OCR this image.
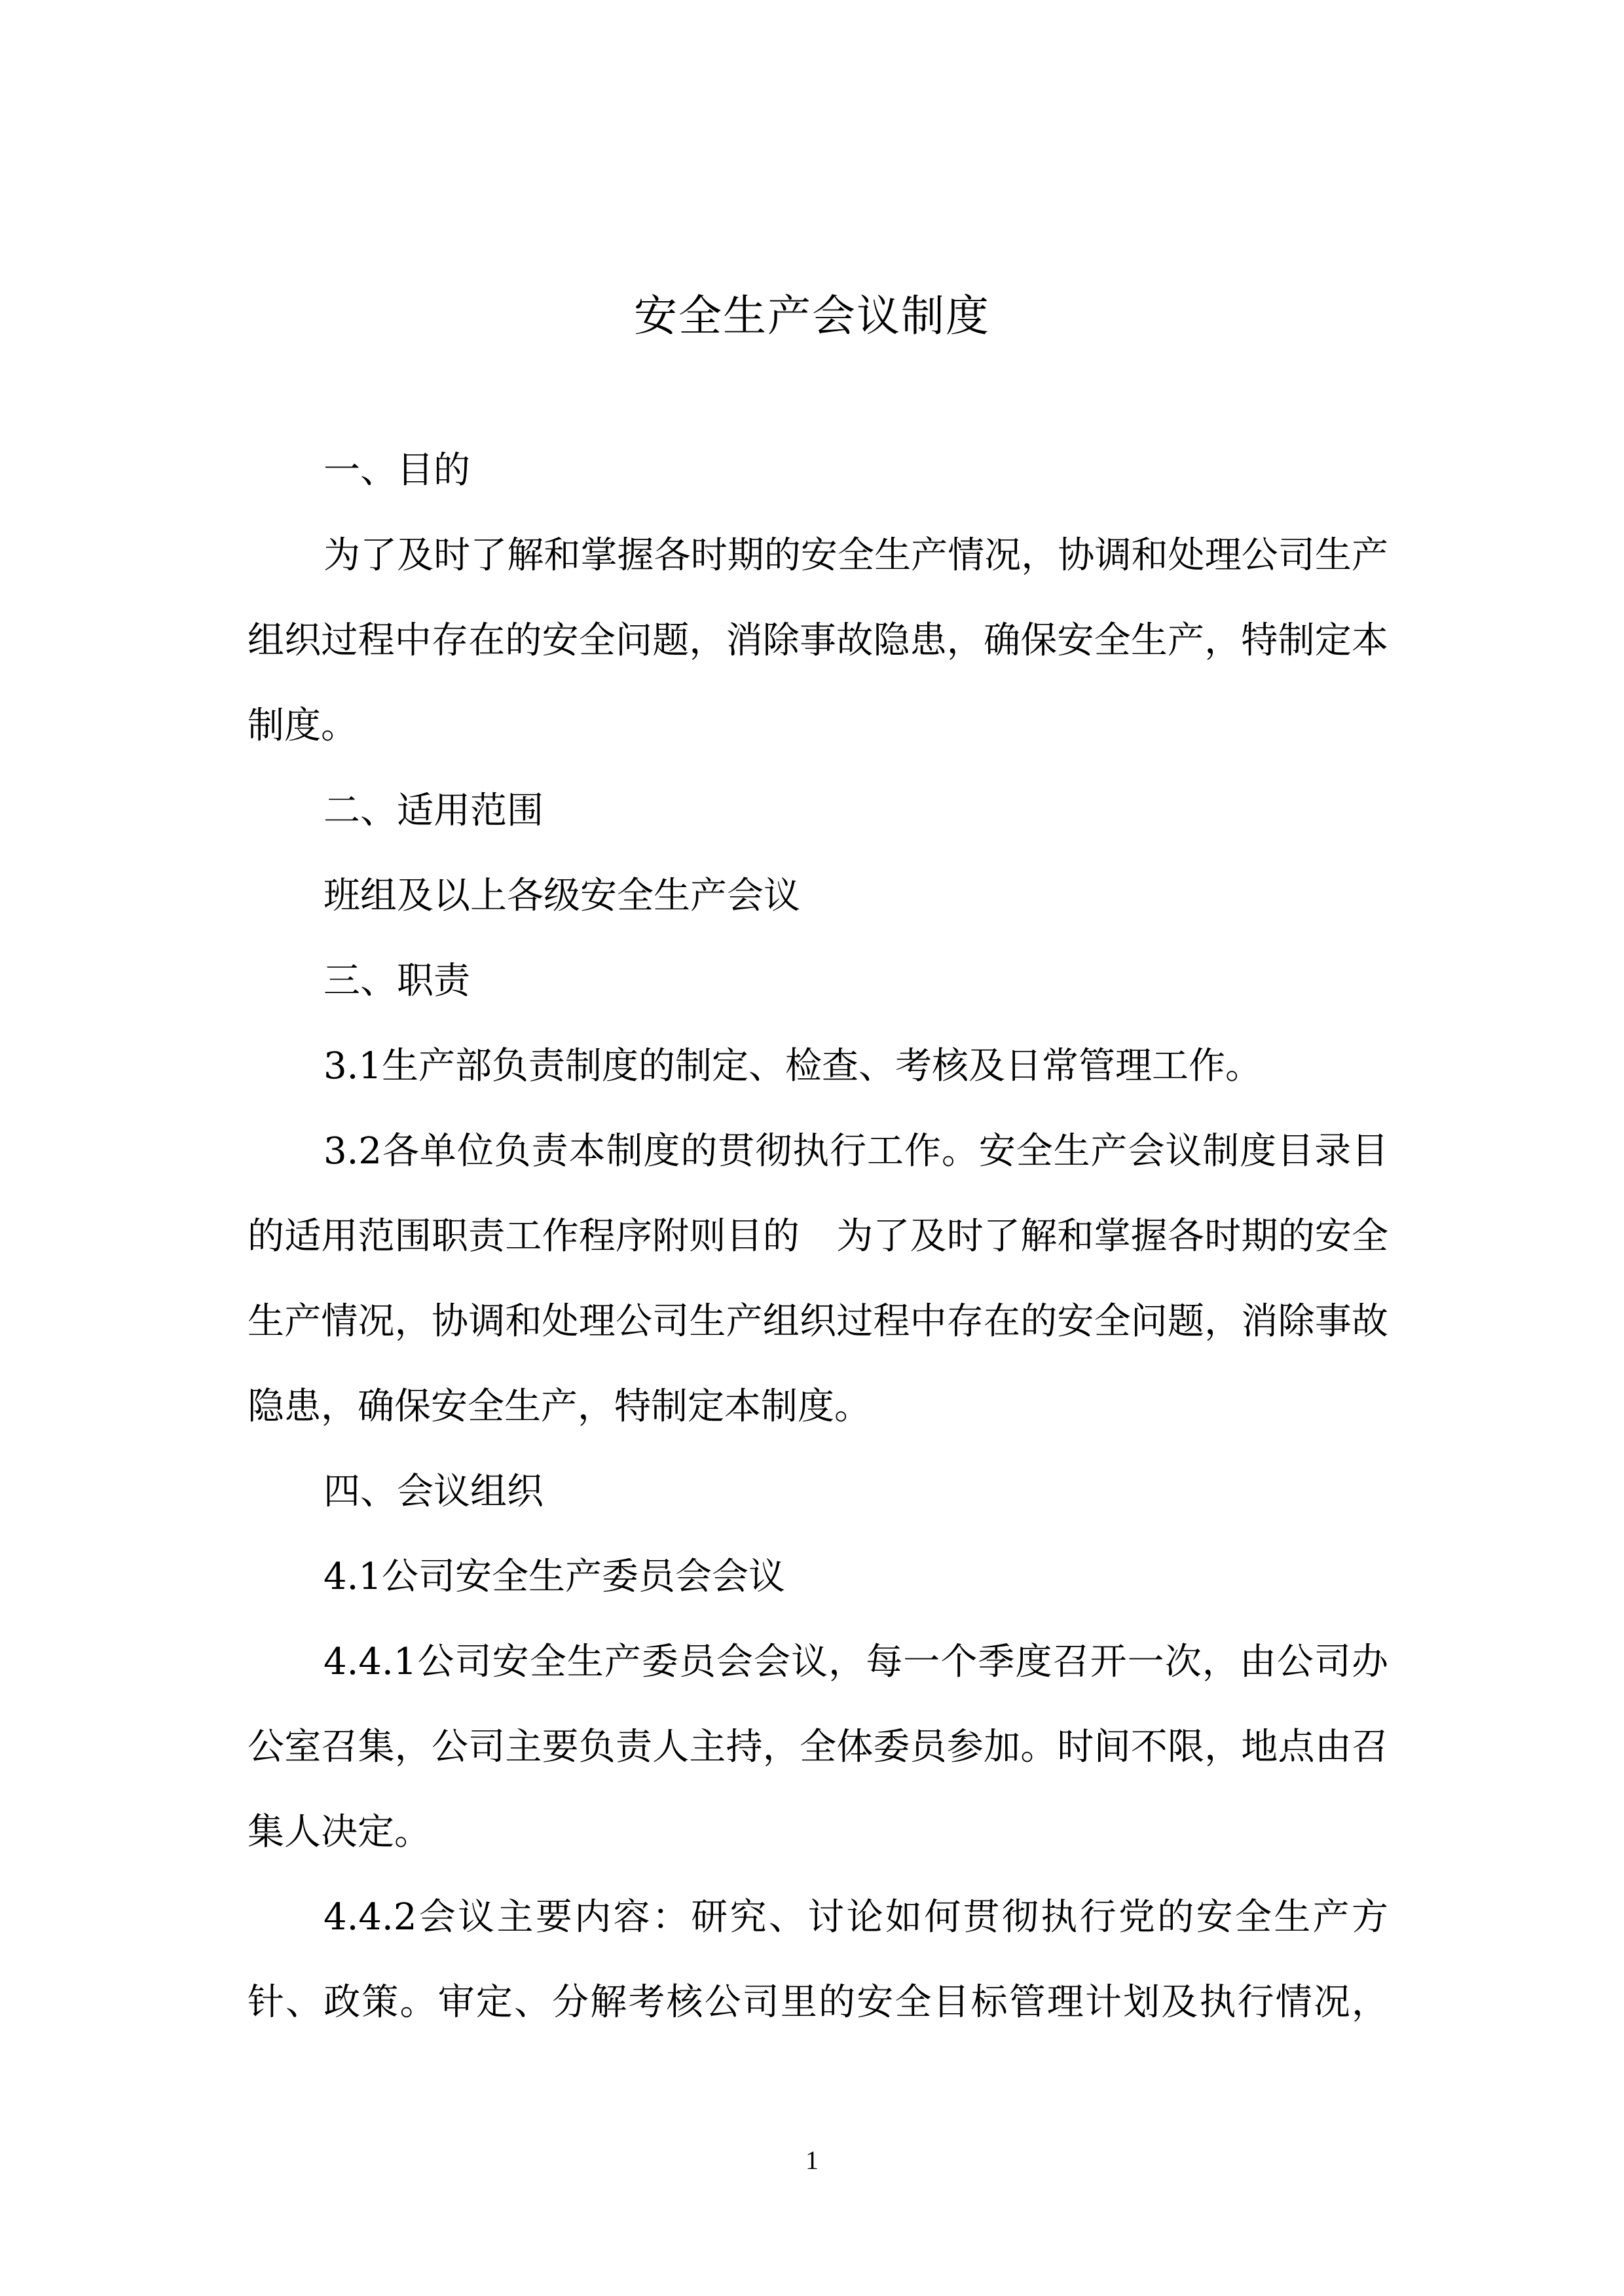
安全生产会议制度

一、目的

为了及时了解和掌握各时期的安全生产情况，协调和处理公司生产组织过程中存在的安全问题，消除事故隐患，确保安全生产，特制定本制度。

二、适用范围

班组及以上各级安全生产会议

三、职责

3.1生产部负责制度的制定、检查、考核及日常管理工作。

3.2各单位负责本制度的贯彻执行工作。安全生产会议制度目录目的适用范围职责工作程序附则目的　为了及时了解和掌握各时期的安全生产情况，协调和处理公司生产组织过程中存在的安全问题，消除事故隐患，确保安全生产，特制定本制度。

四、会议组织

4.1公司安全生产委员会会议

4.4.1公司安全生产委员会会议，每一个季度召开一次，由公司办公室召集，公司主要负责人主持，全体委员参加。时间不限，地点由召集人决定。

4.4.2会议主要内容：研究、讨论如何贯彻执行党的安全生产方针、政策。审定、分解考核公司里的安全目标管理计划及执行情况，

1
